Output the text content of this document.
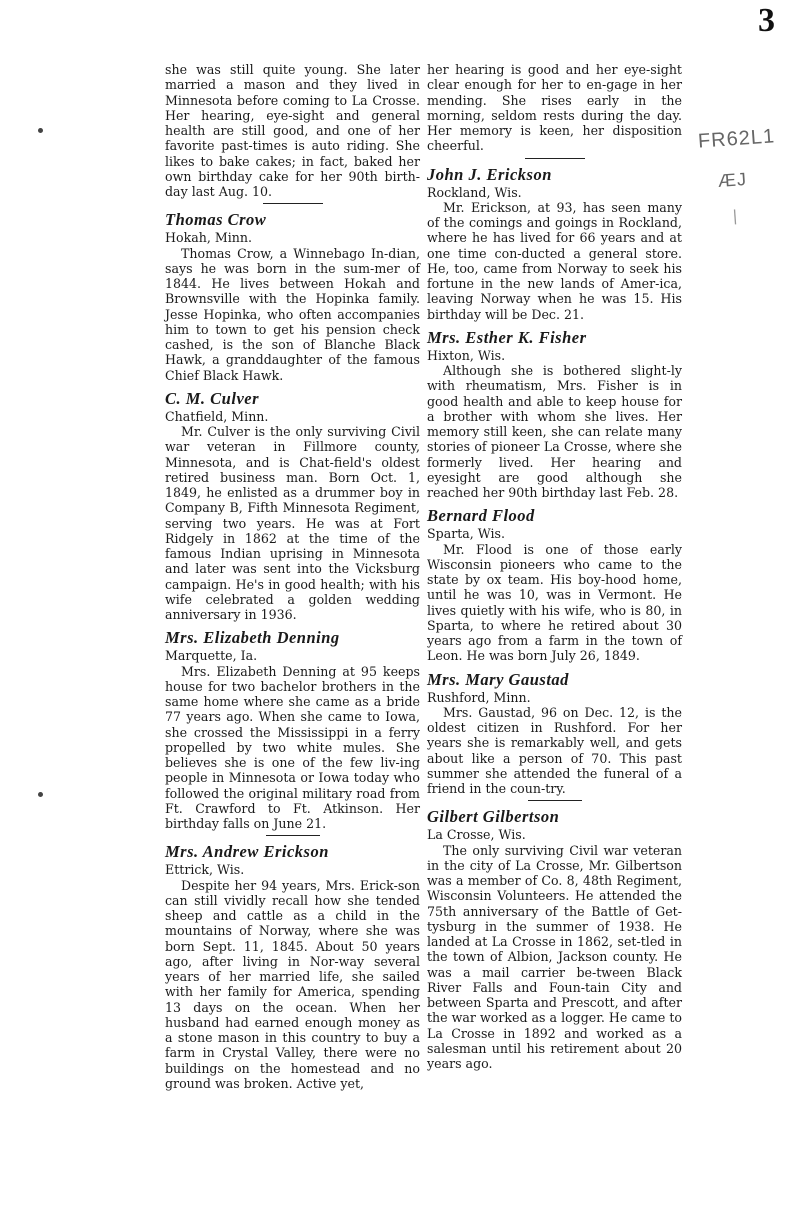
3
FR62L1
ӔJ
|

she was still quite young. She later married a mason and they lived in Minnesota before coming to La Crosse. Her hearing, eye-sight and general health are still good, and one of her favorite past-times is auto riding. She likes to bake cakes; in fact, baked her own birthday cake for her 90th birth-day last Aug. 10.

Thomas Crow

Hokah, Minn.

Thomas Crow, a Winnebago In-dian, says he was born in the sum-mer of 1844. He lives between Hokah and Brownsville with the Hopinka family. Jesse Hopinka, who often accompanies him to town to get his pension check cashed, is the son of Blanche Black Hawk, a granddaughter of the famous Chief Black Hawk.

C. M. Culver

Chatfield, Minn.

Mr. Culver is the only surviving Civil war veteran in Fillmore county, Minnesota, and is Chat-field's oldest retired business man. Born Oct. 1, 1849, he enlisted as a drummer boy in Company B, Fifth Minnesota Regiment, serving two years. He was at Fort Ridgely in 1862 at the time of the famous Indian uprising in Minnesota and later was sent into the Vicksburg campaign. He's in good health; with his wife celebrated a golden wedding anniversary in 1936.

Mrs. Elizabeth Denning

Marquette, Ia.

Mrs. Elizabeth Denning at 95 keeps house for two bachelor brothers in the same home where she came as a bride 77 years ago. When she came to Iowa, she crossed the Mississippi in a ferry propelled by two white mules. She believes she is one of the few liv-ing people in Minnesota or Iowa today who followed the original military road from Ft. Crawford to Ft. Atkinson. Her birthday falls on June 21.

Mrs. Andrew Erickson

Ettrick, Wis.

Despite her 94 years, Mrs. Erick-son can still vividly recall how she tended sheep and cattle as a child in the mountains of Norway, where she was born Sept. 11, 1845. About 50 years ago, after living in Nor-way several years of her married life, she sailed with her family for America, spending 13 days on the ocean. When her husband had earned enough money as a stone mason in this country to buy a farm in Crystal Valley, there were no buildings on the homestead and no ground was broken. Active yet,

her hearing is good and her eye-sight clear enough for her to en-gage in her mending. She rises early in the morning, seldom rests during the day. Her memory is keen, her disposition cheerful.

John J. Erickson

Rockland, Wis.

Mr. Erickson, at 93, has seen many of the comings and goings in Rockland, where he has lived for 66 years and at one time con-ducted a general store. He, too, came from Norway to seek his fortune in the new lands of Amer-ica, leaving Norway when he was 15. His birthday will be Dec. 21.

Mrs. Esther K. Fisher

Hixton, Wis.

Although she is bothered slight-ly with rheumatism, Mrs. Fisher is in good health and able to keep house for a brother with whom she lives. Her memory still keen, she can relate many stories of pioneer La Crosse, where she formerly lived. Her hearing and eyesight are good although she reached her 90th birthday last Feb. 28.

Bernard Flood

Sparta, Wis.

Mr. Flood is one of those early Wisconsin pioneers who came to the state by ox team. His boy-hood home, until he was 10, was in Vermont. He lives quietly with his wife, who is 80, in Sparta, to where he retired about 30 years ago from a farm in the town of Leon. He was born July 26, 1849.

Mrs. Mary Gaustad

Rushford, Minn.

Mrs. Gaustad, 96 on Dec. 12, is the oldest citizen in Rushford. For her years she is remarkably well, and gets about like a person of 70. This past summer she attended the funeral of a friend in the coun-try.

Gilbert Gilbertson

La Crosse, Wis.

The only surviving Civil war veteran in the city of La Crosse, Mr. Gilbertson was a member of Co. 8, 48th Regiment, Wisconsin Volunteers. He attended the 75th anniversary of the Battle of Get-tysburg in the summer of 1938. He landed at La Crosse in 1862, set-tled in the town of Albion, Jackson county. He was a mail carrier be-tween Black River Falls and Foun-tain City and between Sparta and Prescott, and after the war worked as a logger. He came to La Crosse in 1892 and worked as a salesman until his retirement about 20 years ago.
